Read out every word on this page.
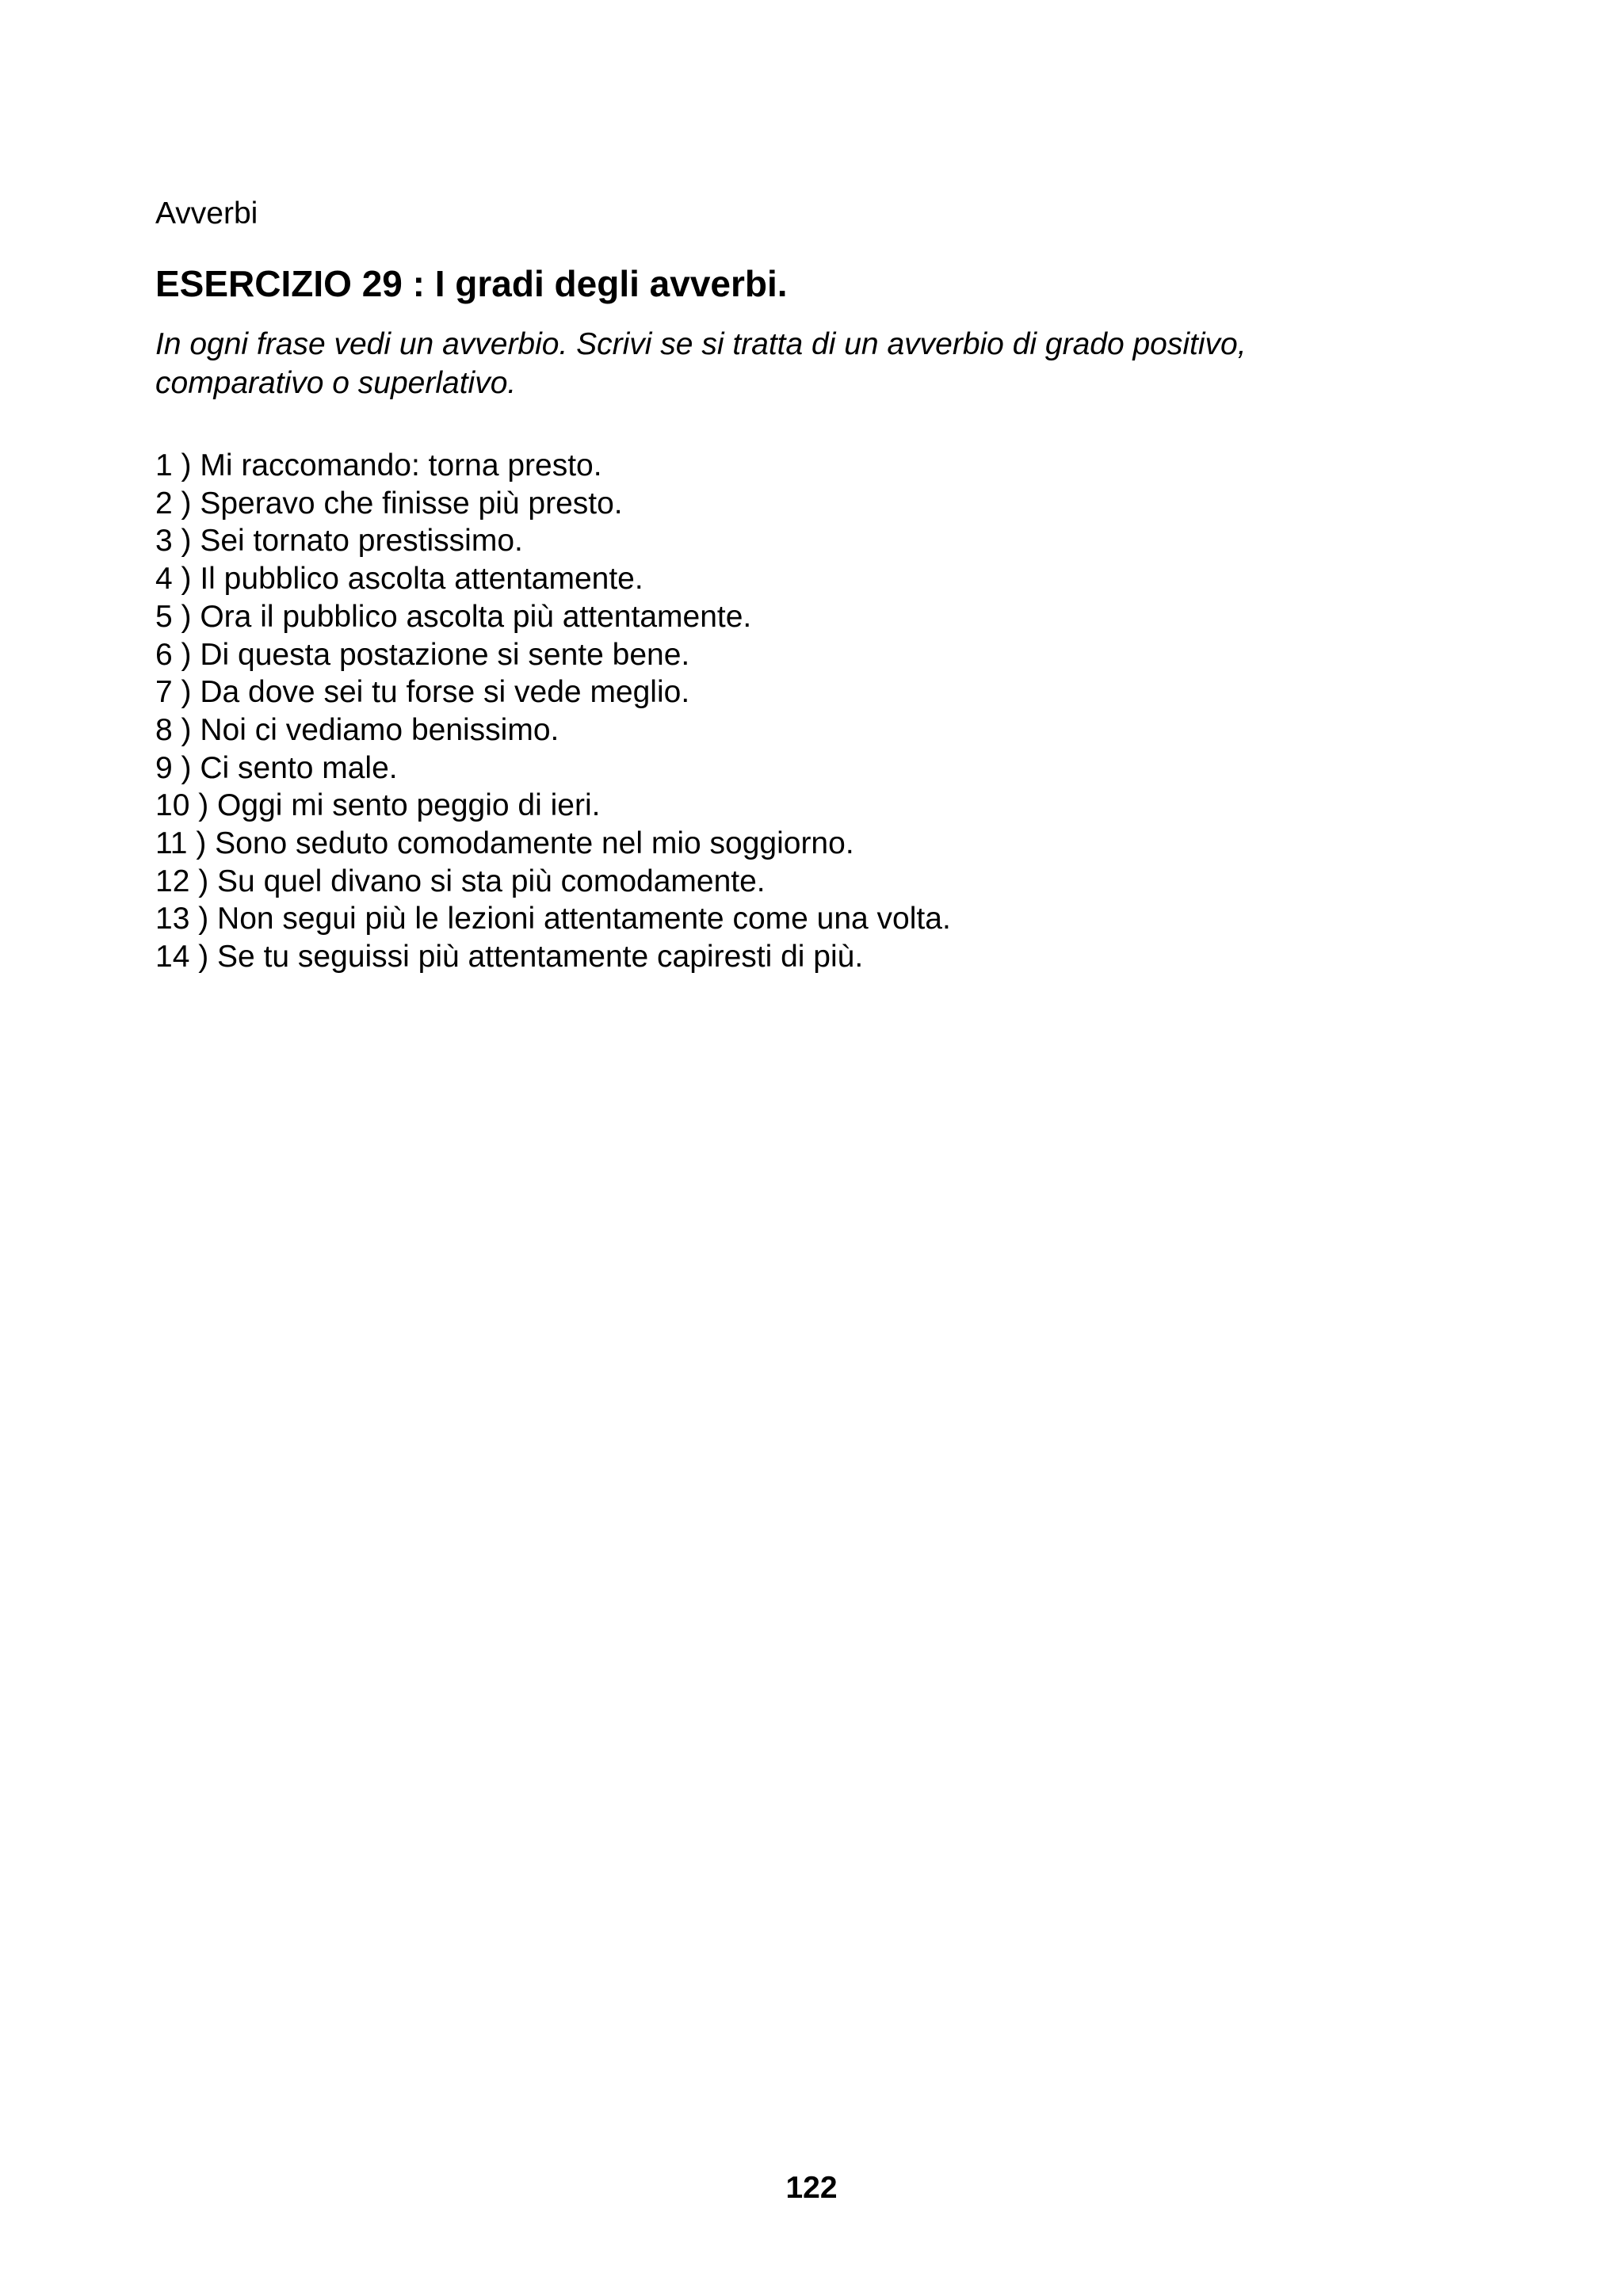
Avverbi
ESERCIZIO 29 : I gradi degli avverbi.
In ogni frase vedi un avverbio. Scrivi se si tratta di un avverbio di grado positivo,
comparativo o superlativo.
1 ) Mi raccomando: torna presto.
2 ) Speravo che finisse più presto.
3 ) Sei tornato prestissimo.
4 ) Il pubblico ascolta attentamente.
5 ) Ora il pubblico ascolta più attentamente.
6 ) Di questa postazione si sente bene.
7 ) Da dove sei tu forse si vede meglio.
8 ) Noi ci vediamo benissimo.
9 ) Ci sento male.
10 ) Oggi mi sento peggio di ieri.
11 ) Sono seduto comodamente nel mio soggiorno.
12 ) Su quel divano si sta più comodamente.
13 ) Non segui più le lezioni attentamente come una volta.
14 ) Se tu seguissi più attentamente capiresti di più.
122
